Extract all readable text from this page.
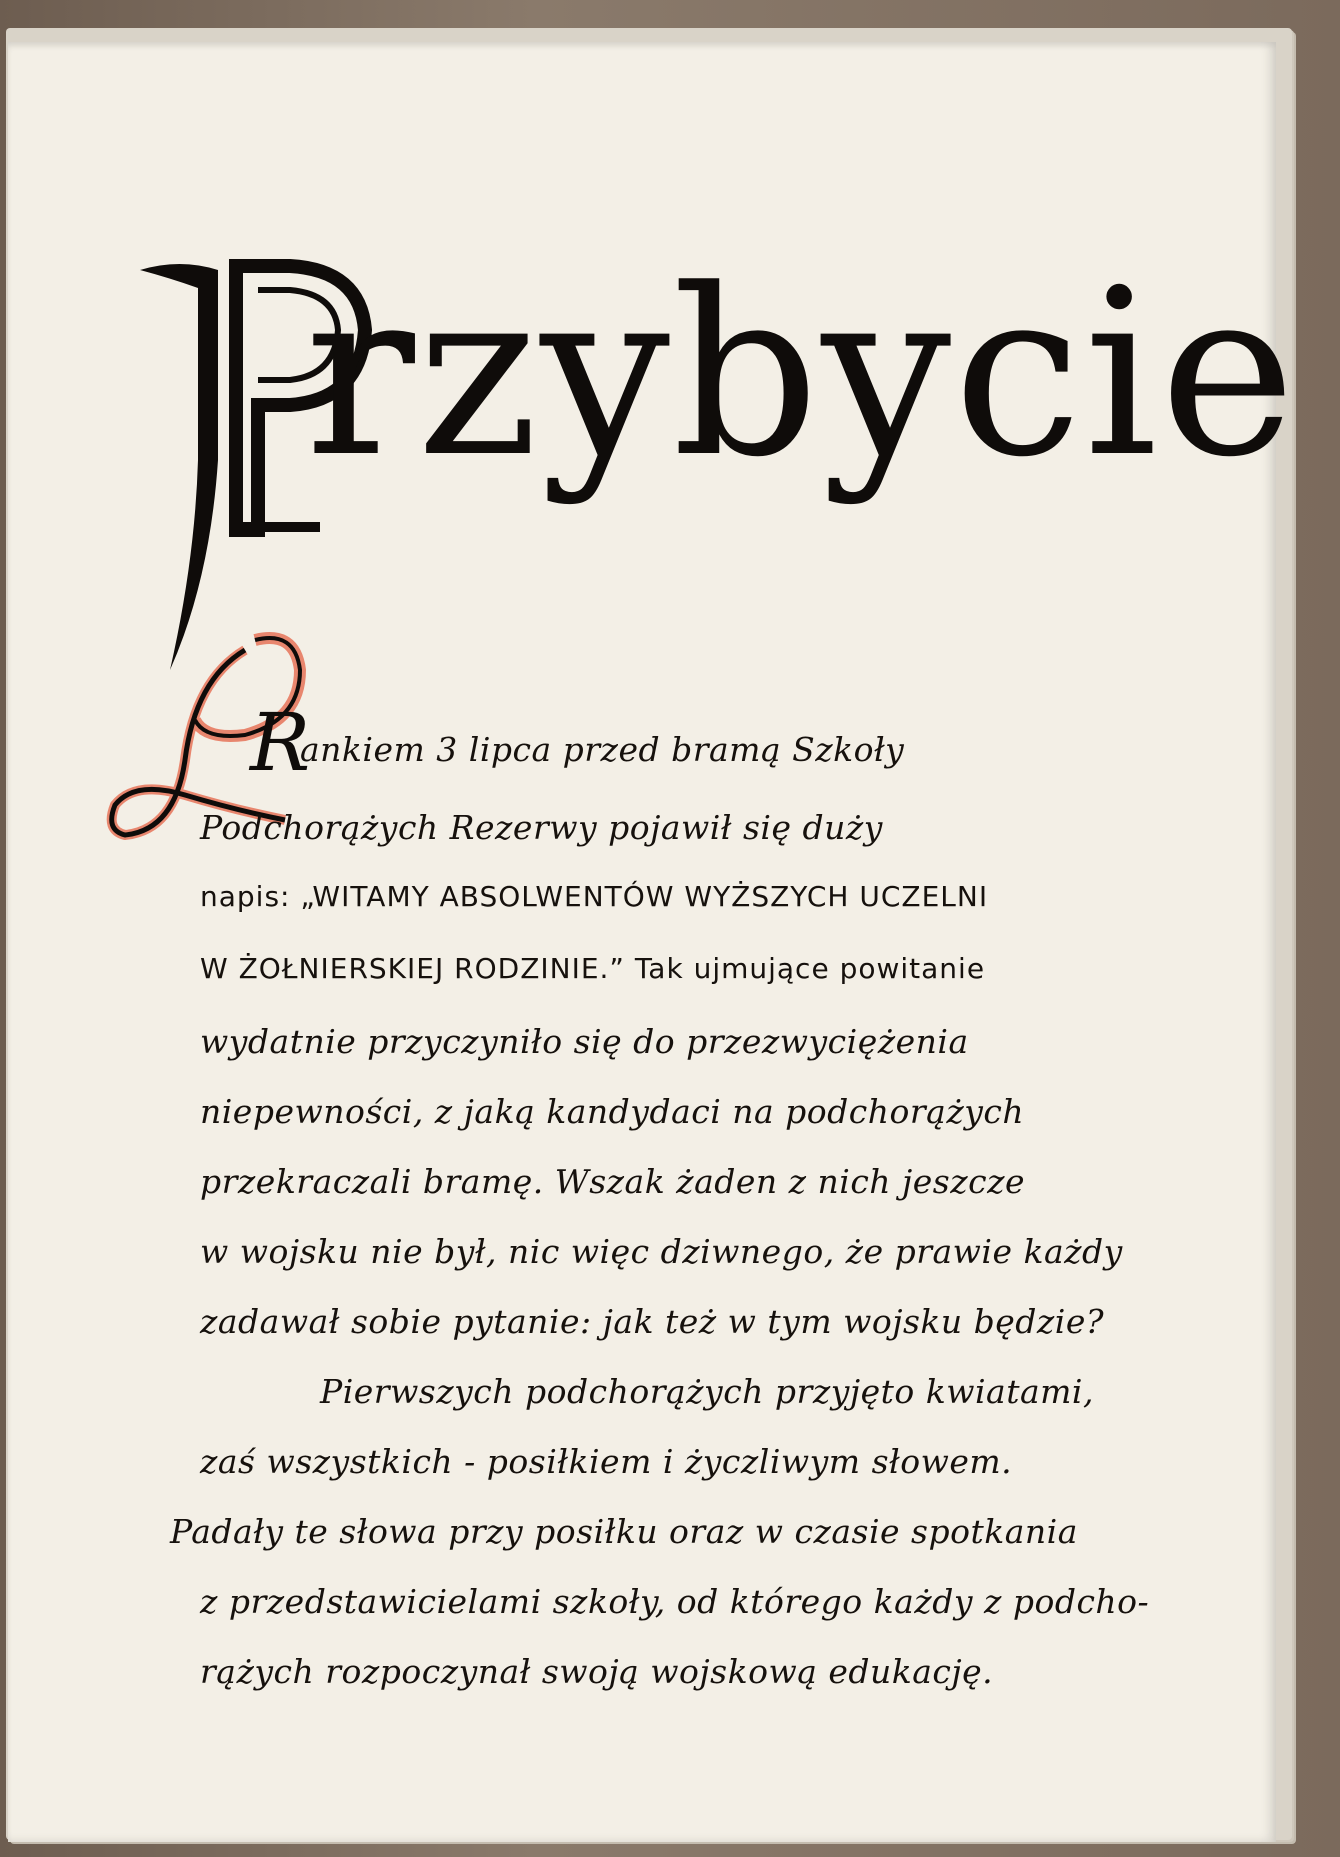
rzybycie
R
ankiem 3 lipca przed bramą Szkoły
Podchorążych Rezerwy pojawił się duży
napis: „WITAMY ABSOLWENTÓW WYŻSZYCH UCZELNI
W ŻOŁNIERSKIEJ RODZINIE.” Tak ujmujące powitanie
wydatnie przyczyniło się do przezwyciężenia
niepewności, z jaką kandydaci na podchorążych
przekraczali bramę. Wszak żaden z nich jeszcze
w wojsku nie był, nic więc dziwnego, że prawie każdy
zadawał sobie pytanie: jak też w tym wojsku będzie?
Pierwszych podchorążych przyjęto kwiatami,
zaś wszystkich - posiłkiem i życzliwym słowem.
Padały te słowa przy posiłku oraz w czasie spotkania
z przedstawicielami szkoły, od którego każdy z podcho-
rążych rozpoczynał swoją wojskową edukację.
